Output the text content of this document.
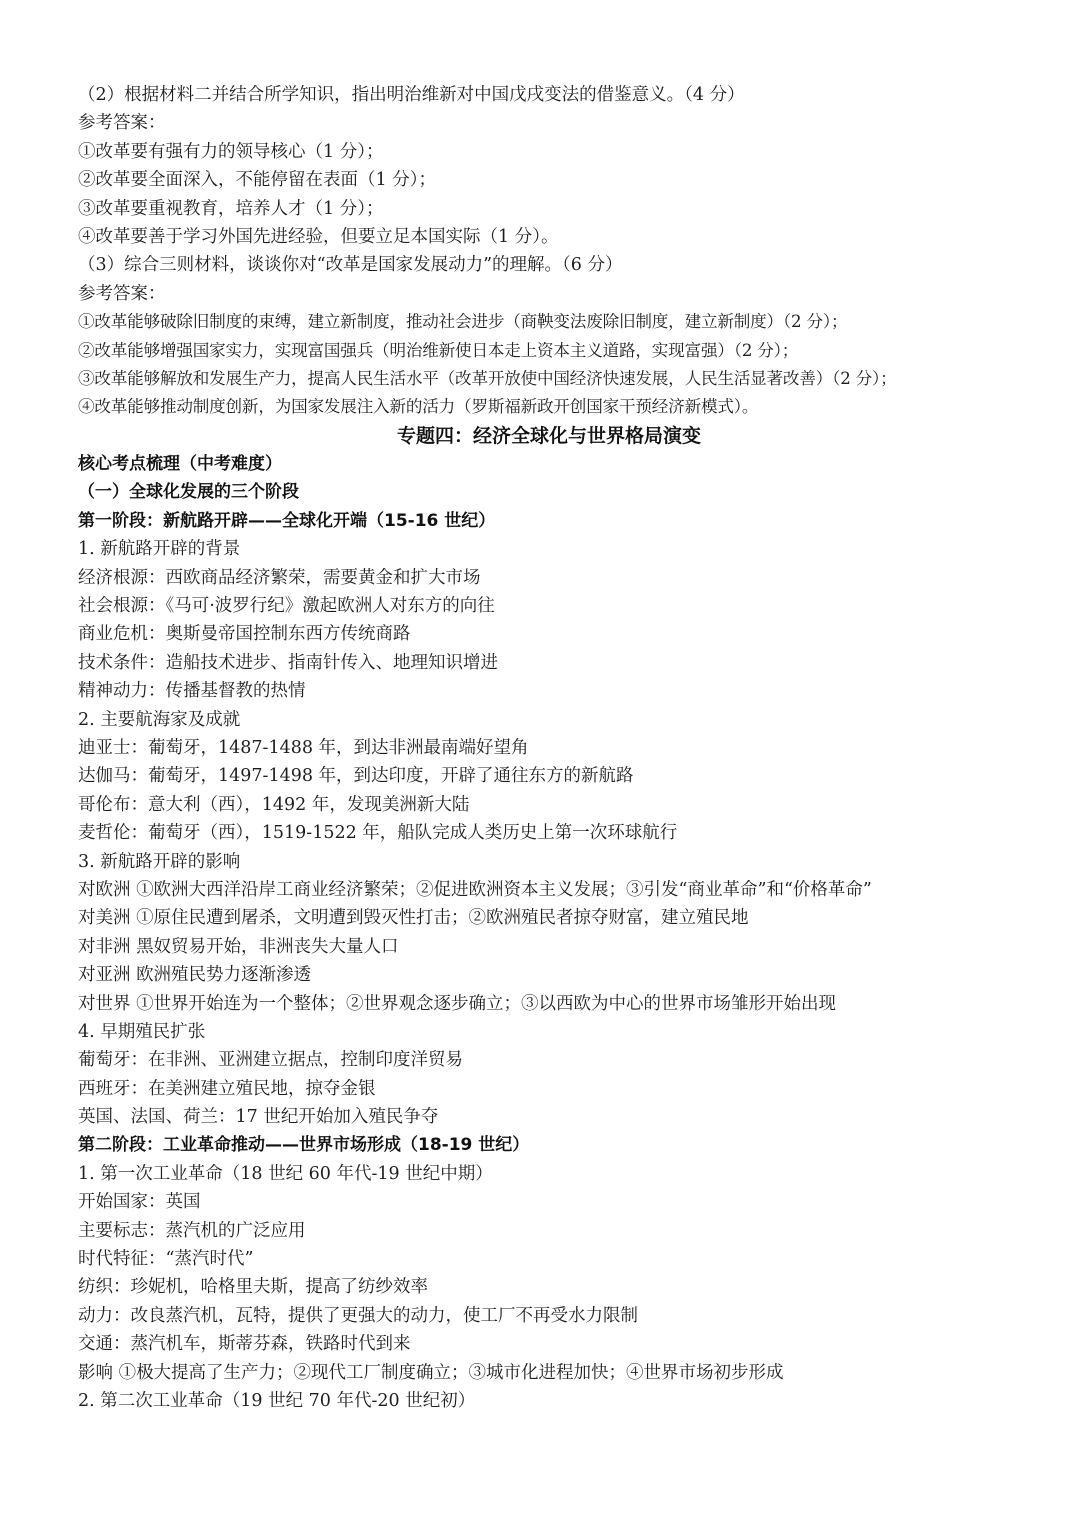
（2）根据材料二并结合所学知识，指出明治维新对中国戊戌变法的借鉴意义。（4 分）
参考答案：
①改革要有强有力的领导核心（1 分）；
②改革要全面深入，不能停留在表面（1 分）；
③改革要重视教育，培养人才（1 分）；
④改革要善于学习外国先进经验，但要立足本国实际（1 分）。
（3）综合三则材料，谈谈你对“改革是国家发展动力”的理解。（6 分）
参考答案：
①改革能够破除旧制度的束缚，建立新制度，推动社会进步（商鞅变法废除旧制度，建立新制度）（2 分）；
②改革能够增强国家实力，实现富国强兵（明治维新使日本走上资本主义道路，实现富强）（2 分）；
③改革能够解放和发展生产力，提高人民生活水平（改革开放使中国经济快速发展，人民生活显著改善）（2 分）；
④改革能够推动制度创新，为国家发展注入新的活力（罗斯福新政开创国家干预经济新模式）。
专题四：经济全球化与世界格局演变
核心考点梳理（中考难度）
（一）全球化发展的三个阶段
第一阶段：新航路开辟——全球化开端（15-16 世纪）
1. 新航路开辟的背景
经济根源：西欧商品经济繁荣，需要黄金和扩大市场
社会根源：《马可·波罗行纪》激起欧洲人对东方的向往
商业危机：奥斯曼帝国控制东西方传统商路
技术条件：造船技术进步、指南针传入、地理知识增进
精神动力：传播基督教的热情
2. 主要航海家及成就
迪亚士：葡萄牙，1487-1488 年，到达非洲最南端好望角
达伽马：葡萄牙，1497-1498 年，到达印度，开辟了通往东方的新航路
哥伦布：意大利（西），1492 年，发现美洲新大陆
麦哲伦：葡萄牙（西），1519-1522 年，船队完成人类历史上第一次环球航行
3. 新航路开辟的影响
对欧洲 ①欧洲大西洋沿岸工商业经济繁荣；②促进欧洲资本主义发展；③引发“商业革命”和“价格革命”
对美洲 ①原住民遭到屠杀，文明遭到毁灭性打击；②欧洲殖民者掠夺财富，建立殖民地
对非洲 黑奴贸易开始，非洲丧失大量人口
对亚洲 欧洲殖民势力逐渐渗透
对世界 ①世界开始连为一个整体；②世界观念逐步确立；③以西欧为中心的世界市场雏形开始出现
4. 早期殖民扩张
葡萄牙：在非洲、亚洲建立据点，控制印度洋贸易
西班牙：在美洲建立殖民地，掠夺金银
英国、法国、荷兰：17 世纪开始加入殖民争夺
第二阶段：工业革命推动——世界市场形成（18-19 世纪）
1. 第一次工业革命（18 世纪 60 年代-19 世纪中期）
开始国家：英国
主要标志：蒸汽机的广泛应用
时代特征：“蒸汽时代”
纺织：珍妮机，哈格里夫斯，提高了纺纱效率
动力：改良蒸汽机，瓦特，提供了更强大的动力，使工厂不再受水力限制
交通：蒸汽机车，斯蒂芬森，铁路时代到来
影响 ①极大提高了生产力；②现代工厂制度确立；③城市化进程加快；④世界市场初步形成
2. 第二次工业革命（19 世纪 70 年代-20 世纪初）
